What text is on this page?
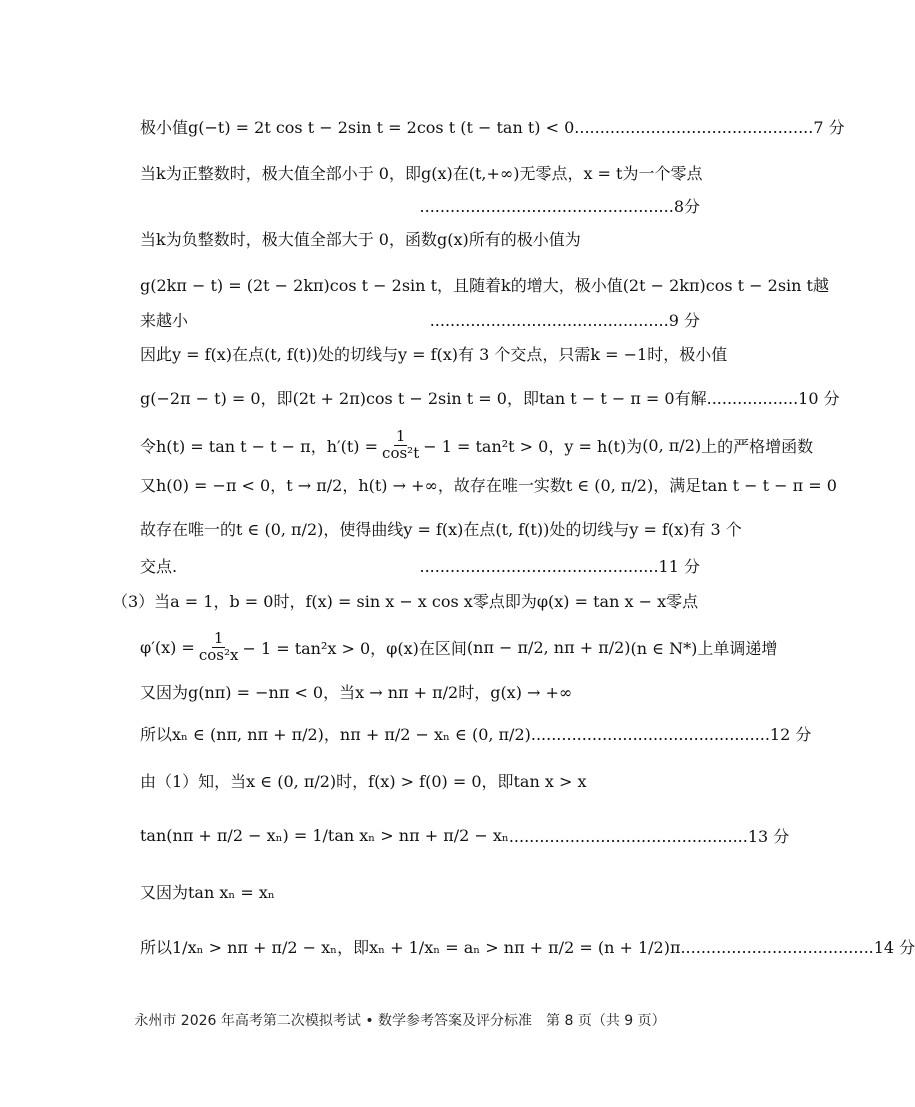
极小值g(−t) = 2t cos t − 2sin t = 2cos t (t − tan t) < 0 ...............................................7 分
当k为正整数时，极大值全部小于 0，即g(x)在(t,+∞)无零点，x = t为一个零点
..................................................8分
当k为负整数时，极大值全部大于 0，函数g(x)所有的极小值为
g(2kπ − t) = (2t − 2kπ)cos t − 2sin t，且随着k的增大，极小值(2t − 2kπ)cos t − 2sin t越
来越小	...............................................9 分
因此y = f(x)在点(t, f(t))处的切线与y = f(x)有 3 个交点，只需k = −1时，极小值
g(−2π − t) = 0，即(2t + 2π)cos t − 2sin t = 0，即tan t − t − π = 0有解 ..................10 分
令h(t) = tan t − t − π，$h'(t) = \frac{1}{\text{cos²t}} - 1 = \tan^2t > 0$，y = h(t)为 (0, π/2) 上的严格增函数
又h(0) = −π < 0，t → π/2，h(t) → +∞，故存在唯一实数t ∈ (0, π/2)，满足tan t − t − π = 0
故存在唯一的t ∈ (0, π/2)，使得曲线y = f(x)在点(t, f(t))处的切线与y = f(x)有 3 个
交点.	...............................................11 分
（3）当a = 1，b = 0时，f(x) = sin x − x cos x零点即为φ(x) = tan x − x零点
$\varphi'(x) = \frac{1}{\text{cos²x}} - 1 = \tan^2x > 0$，φ(x)在区间 (nπ − π/2, nπ + π/2) (n ∈ N*)上单调递增
又因为g(nπ) = −nπ < 0，当x → nπ + π/2时，g(x) → +∞
所以xₙ ∈ (nπ, nπ + π/2)，nπ + π/2 − xₙ ∈ (0, π/2) ...............................................12 分
由（1）知，当x ∈ (0, π/2)时，f(x) > f(0) = 0，即tan x > x
tan(nπ + π/2 − xₙ) = 1/tan xₙ > nπ + π/2 − xₙ ...............................................13 分
又因为tan xₙ = xₙ
所以1/xₙ > nπ + π/2 − xₙ，即xₙ + 1/xₙ = aₙ > nπ + π/2 = (n + 1/2)π ......................................14 分
永州市 2026 年高考第二次模拟考试 • 数学参考答案及评分标准　第 8 页（共 9 页）
